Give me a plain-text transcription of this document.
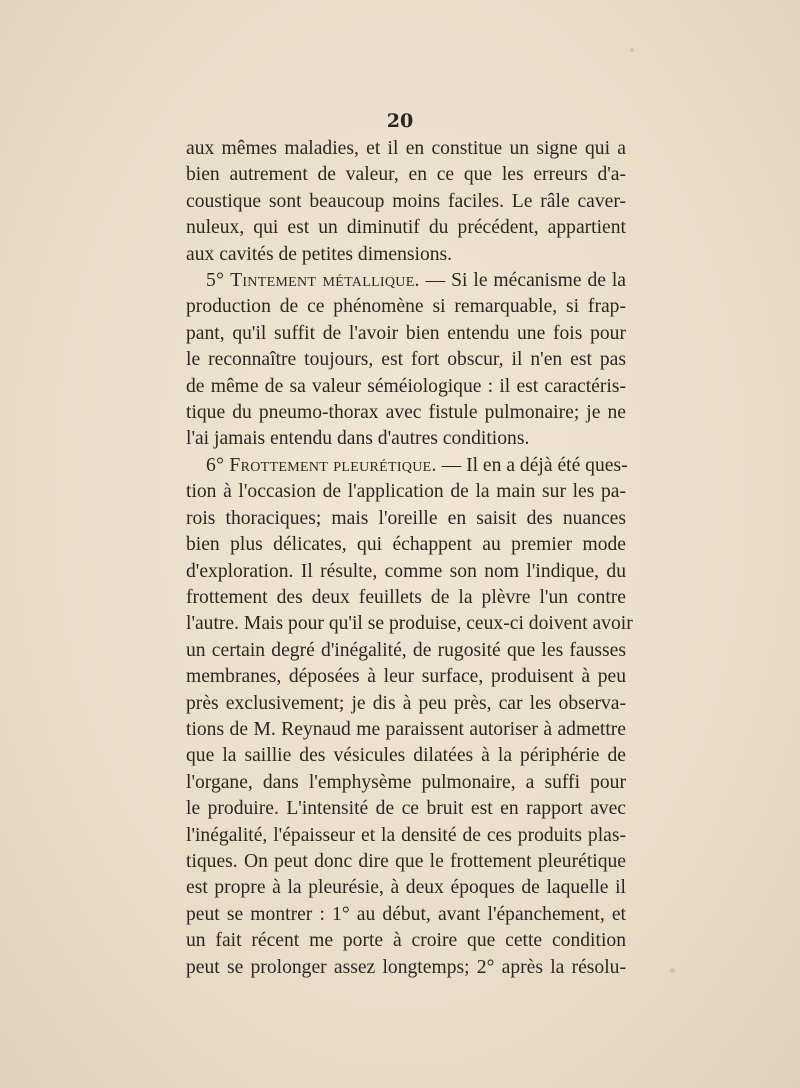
20
aux mêmes maladies, et il en constitue un signe qui a
bien autrement de valeur, en ce que les erreurs d'a-
coustique sont beaucoup moins faciles. Le râle caver-
nuleux, qui est un diminutif du précédent, appartient
aux cavités de petites dimensions.
5° Tintement métallique. — Si le mécanisme de la
production de ce phénomène si remarquable, si frap-
pant, qu'il suffit de l'avoir bien entendu une fois pour
le reconnaître toujours, est fort obscur, il n'en est pas
de même de sa valeur séméiologique : il est caractéris-
tique du pneumo-thorax avec fistule pulmonaire; je ne
l'ai jamais entendu dans d'autres conditions.
6° Frottement pleurétique. — Il en a déjà été ques-
tion à l'occasion de l'application de la main sur les pa-
rois thoraciques; mais l'oreille en saisit des nuances
bien plus délicates, qui échappent au premier mode
d'exploration. Il résulte, comme son nom l'indique, du
frottement des deux feuillets de la plèvre l'un contre
l'autre. Mais pour qu'il se produise, ceux-ci doivent avoir
un certain degré d'inégalité, de rugosité que les fausses
membranes, déposées à leur surface, produisent à peu
près exclusivement; je dis à peu près, car les observa-
tions de M. Reynaud me paraissent autoriser à admettre
que la saillie des vésicules dilatées à la périphérie de
l'organe, dans l'emphysème pulmonaire, a suffi pour
le produire. L'intensité de ce bruit est en rapport avec
l'inégalité, l'épaisseur et la densité de ces produits plas-
tiques. On peut donc dire que le frottement pleurétique
est propre à la pleurésie, à deux époques de laquelle il
peut se montrer : 1° au début, avant l'épanchement, et
un fait récent me porte à croire que cette condition
peut se prolonger assez longtemps; 2° après la résolu-
